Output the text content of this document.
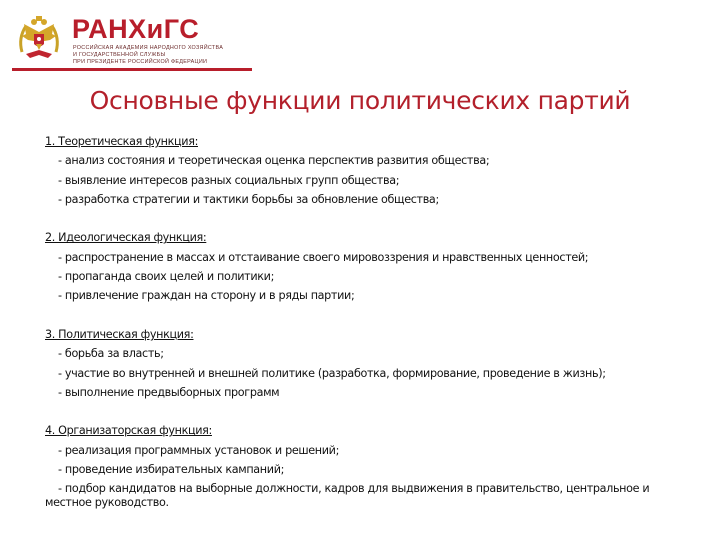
РАНХиГС
РОССИЙСКАЯ АКАДЕМИЯ НАРОДНОГО ХОЗЯЙСТВА
И ГОСУДАРСТВЕННОЙ СЛУЖБЫ
ПРИ ПРЕЗИДЕНТЕ РОССИЙСКОЙ ФЕДЕРАЦИИ
Основные функции политических партий
1. Теоретическая функция:
- анализ состояния и теоретическая оценка перспектив развития общества;
- выявление интересов разных социальных групп общества;
- разработка стратегии и тактики борьбы за обновление общества;
2. Идеологическая функция:
- распространение в массах и отстаивание своего мировоззрения и нравственных ценностей;
- пропаганда своих целей и политики;
- привлечение граждан на сторону и в ряды партии;
3. Политическая функция:
- борьба за власть;
- участие во внутренней и внешней политике (разработка, формирование, проведение в жизнь);
- выполнение предвыборных программ
4. Организаторская функция:
- реализация программных установок и решений;
- проведение избирательных кампаний;
- подбор кандидатов на выборные должности, кадров для выдвижения в правительство, центральное и местное руководство.
